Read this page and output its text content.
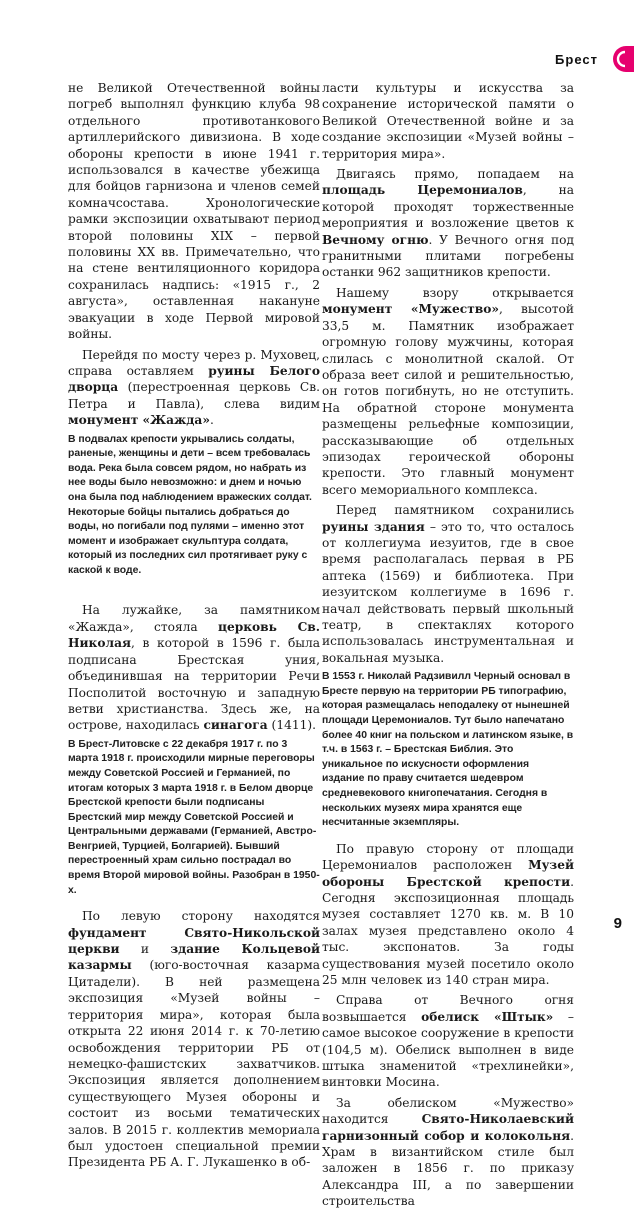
Брест

не Великой Отечественной войны погреб выполнял функцию клуба 98 отдельного противотанкового артиллерийского дивизиона. В ходе обороны крепости в июне 1941 г. использовался в качестве убежища для бойцов гарнизона и членов семей комначсостава. Хронологические рамки экспозиции охватывают период второй половины XIX – первой половины XX вв. Примечательно, что на стене вентиляционного коридора сохранилась надпись: «1915 г., 2 августа», оставленная накануне эвакуации в ходе Первой мировой войны.

Перейдя по мосту через р. Муховец, справа оставляем руины Белого дворца (перестроенная церковь Св. Петра и Павла), слева видим монумент «Жажда».

В подвалах крепости укрывались солдаты, раненые, женщины и дети – всем требовалась вода. Река была совсем рядом, но набрать из нее воды было невозможно: и днем и ночью она была под наблюдением вражеских солдат. Некоторые бойцы пытались добраться до воды, но погибали под пулями – именно этот момент и изображает скульптура солдата, который из последних сил протягивает руку с каской к воде.

На лужайке, за памятником «Жажда», стояла церковь Св. Николая, в которой в 1596 г. была подписана Брестская уния, объединившая на территории Речи Посполитой восточную и западную ветви христианства. Здесь же, на острове, находилась синагога (1411).

В Брест-Литовске с 22 декабря 1917 г. по 3 марта 1918 г. происходили мирные переговоры между Советской Россией и Германией, по итогам которых 3 марта 1918 г. в Белом дворце Брестской крепости были подписаны Брестский мир между Советской Россией и Центральными державами (Германией, Австро-Венгрией, Турцией, Болгарией). Бывший перестроенный храм сильно пострадал во время Второй мировой войны. Разобран в 1950-х.

По левую сторону находятся фундамент Свято-Никольской церкви и здание Кольцевой казармы (юго-восточная казарма Цитадели). В ней размещена экспозиция «Музей войны – территория мира», которая была открыта 22 июня 2014 г. к 70-летию освобождения территории РБ от немецко-фашистских захватчиков. Экспозиция является дополнением существующего Музея обороны и состоит из восьми тематических залов. В 2015 г. коллектив мемориала был удостоен специальной премии Президента РБ А. Г. Лукашенко в об-

ласти культуры и искусства за сохранение исторической памяти о Великой Отечественной войне и за создание экспозиции «Музей войны – территория мира».

Двигаясь прямо, попадаем на площадь Церемониалов, на которой проходят торжественные мероприятия и возложение цветов к Вечному огню. У Вечного огня под гранитными плитами погребены останки 962 защитников крепости.

Нашему взору открывается монумент «Мужество», высотой 33,5 м. Памятник изображает огромную голову мужчины, которая слилась с монолитной скалой. От образа веет силой и решительностью, он готов погибнуть, но не отступить. На обратной стороне монумента размещены рельефные композиции, рассказывающие об отдельных эпизодах героической обороны крепости. Это главный монумент всего мемориального комплекса.

Перед памятником сохранились руины здания – это то, что осталось от коллегиума иезуитов, где в свое время располагалась первая в РБ аптека (1569) и библиотека. При иезуитском коллегиуме в 1696 г. начал действовать первый школьный театр, в спектаклях которого использовалась инструментальная и вокальная музыка.

В 1553 г. Николай Радзивилл Черный основал в Бресте первую на территории РБ типографию, которая размещалась неподалеку от нынешней площади Церемониалов. Тут было напечатано более 40 книг на польском и латинском языке, в т.ч. в 1563 г. – Брестская Библия. Это уникальное по искусности оформления издание по праву считается шедевром средневекового книгопечатания. Сегодня в нескольких музеях мира хранятся еще несчитанные экземпляры.

По правую сторону от площади Церемониалов расположен Музей обороны Брестской крепости. Сегодня экспозиционная площадь музея составляет 1270 кв. м. В 10 залах музея представлено около 4 тыс. экспонатов. За годы существования музей посетило около 25 млн человек из 140 стран мира.

Справа от Вечного огня возвышается обелиск «Штык» – самое высокое сооружение в крепости (104,5 м). Обелиск выполнен в виде штыка знаменитой «трехлинейки», винтовки Мосина.

За обелиском «Мужество» находится Свято-Николаевский гарнизонный собор и колокольня. Храм в византийском стиле был заложен в 1856 г. по приказу Александра III, а по завершении строительства

9
